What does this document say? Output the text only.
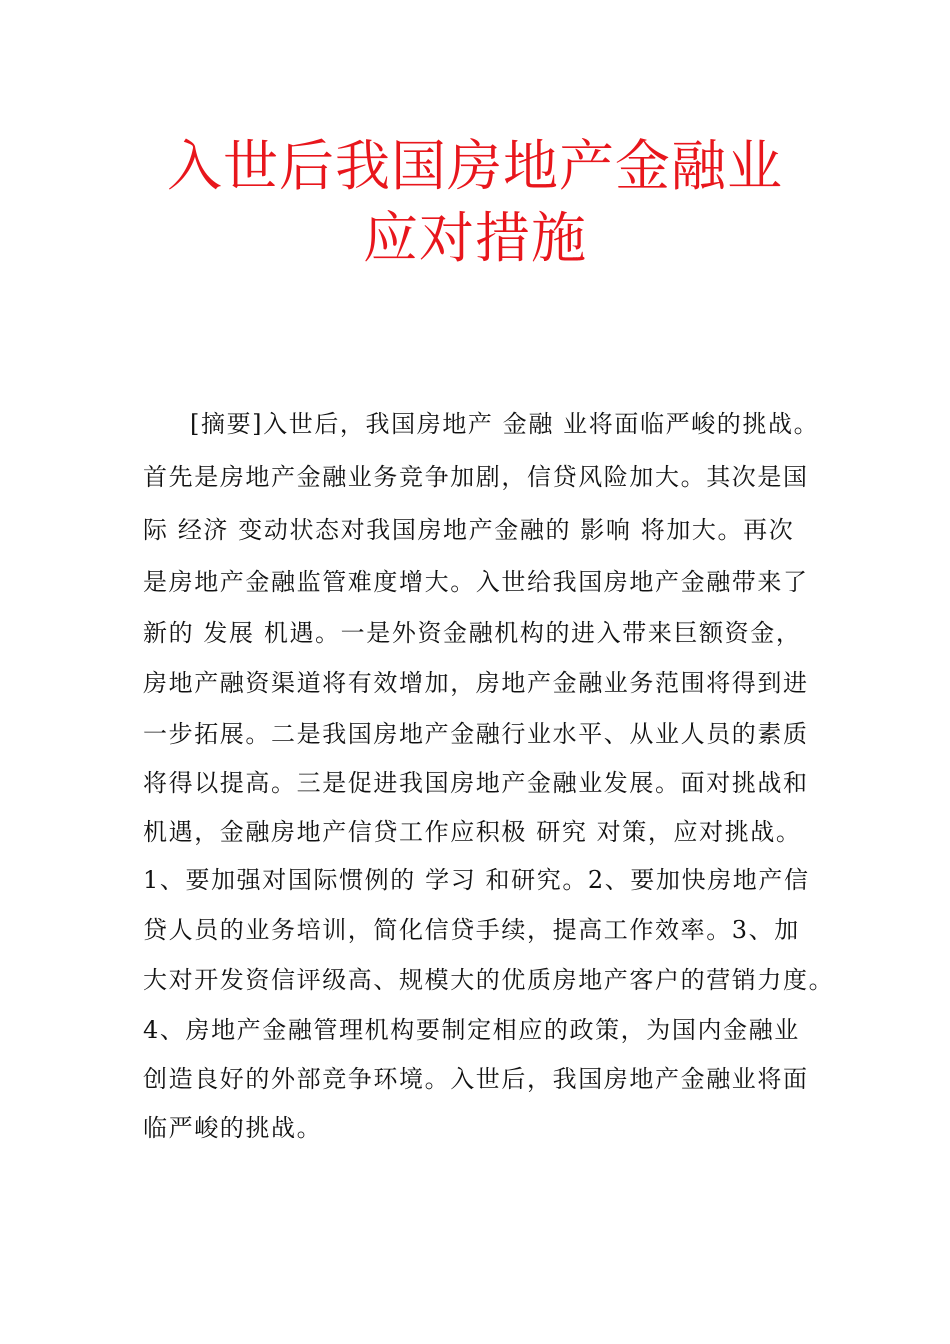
入世后我国房地产金融业
应对措施
[摘要]入世后，我国房地产 金融 业将面临严峻的挑战。
首先是房地产金融业务竞争加剧，信贷风险加大。其次是国
际 经济 变动状态对我国房地产金融的 影响 将加大。再次
是房地产金融监管难度增大。入世给我国房地产金融带来了
新的 发展 机遇。一是外资金融机构的进入带来巨额资金，
房地产融资渠道将有效增加，房地产金融业务范围将得到进
一步拓展。二是我国房地产金融行业水平、从业人员的素质
将得以提高。三是促进我国房地产金融业发展。面对挑战和
机遇，金融房地产信贷工作应积极 研究 对策，应对挑战。
1、要加强对国际惯例的 学习 和研究。2、要加快房地产信
贷人员的业务培训，简化信贷手续，提高工作效率。3、加
大对开发资信评级高、规模大的优质房地产客户的营销力度。
4、房地产金融管理机构要制定相应的政策，为国内金融业
创造良好的外部竞争环境。入世后，我国房地产金融业将面
临严峻的挑战。
